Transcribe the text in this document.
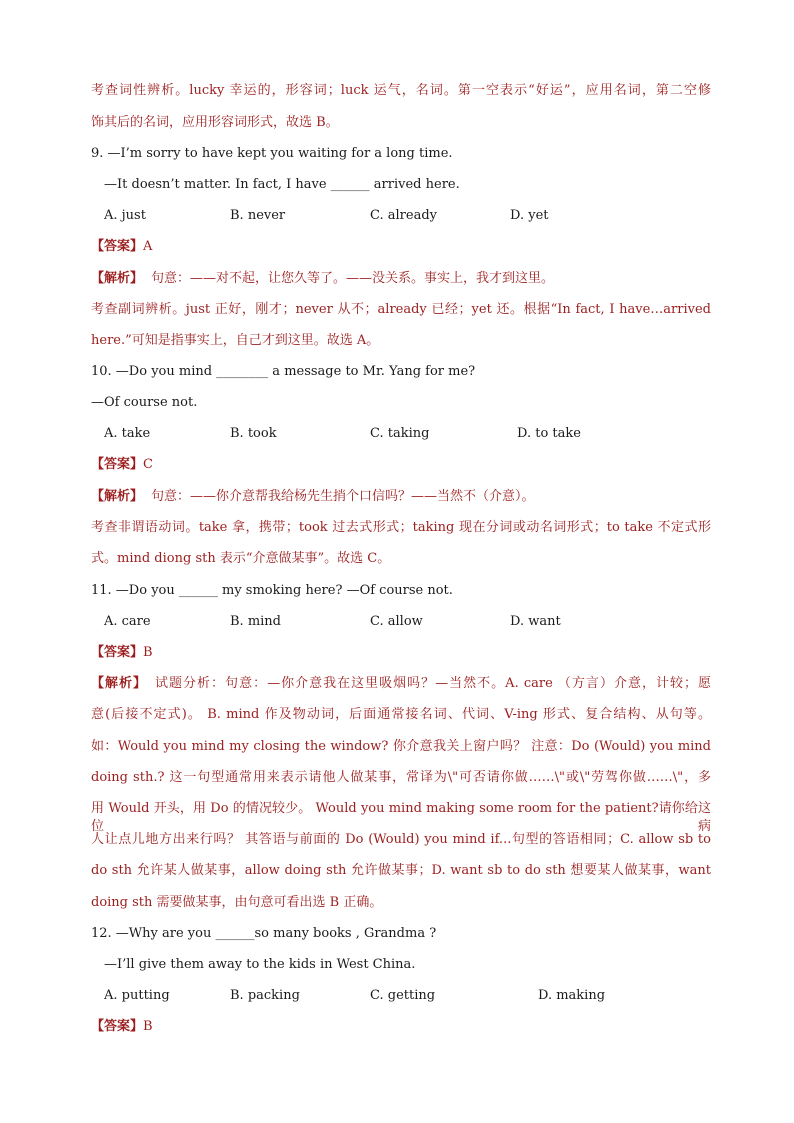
考查词性辨析。lucky 幸运的，形容词；luck 运气，名词。第一空表示“好运”，应用名词，第二空修
饰其后的名词，应用形容词形式，故选 B。
9. —I’m sorry to have kept you waiting for a long time.
—It doesn’t matter. In fact, I have ______ arrived here.
A. just	B. never	C. already	D. yet
【答案】A
【解析】 句意：——对不起，让您久等了。——没关系。事实上，我才到这里。
考查副词辨析。just 正好，刚才；never 从不；already 已经；yet 还。根据“In fact, I have…arrived
here.”可知是指事实上，自己才到这里。故选 A。
10. —Do you mind ________ a message to Mr. Yang for me?
—Of course not.
A. take	B. took	C. taking	D. to take
【答案】C
【解析】 句意：——你介意帮我给杨先生捎个口信吗？——当然不（介意）。
考查非谓语动词。take 拿，携带；took 过去式形式；taking 现在分词或动名词形式；to take 不定式形
式。mind diong sth 表示“介意做某事”。故选 C。
11. —Do you ______ my smoking here? —Of course not.
A. care	B. mind	C. allow	D. want
【答案】B
【解析】 试题分析：句意：—你介意我在这里吸烟吗？—当然不。A. care （方言）介意，计较；愿
意(后接不定式)。 B. mind 作及物动词，后面通常接名词、代词、V-ing 形式、复合结构、从句等。
如：Would you mind my closing the window? 你介意我关上窗户吗？ 注意：Do (Would) you mind
doing sth.? 这一句型通常用来表示请他人做某事，常译为\"可否请你做……\"或\"劳驾你做……\"，多
用 Would 开头，用 Do 的情况较少。 Would you mind making some room for the patient?请你给这位病
人让点儿地方出来行吗？ 其答语与前面的 Do (Would) you mind if...句型的答语相同；C. allow sb to
do sth 允许某人做某事，allow doing sth 允许做某事；D. want sb to do sth 想要某人做某事，want
doing sth 需要做某事，由句意可看出选 B 正确。
12. —Why are you ______so many books , Grandma ?
—I’ll give them away to the kids in West China.
A. putting	B. packing	C. getting	D. making
【答案】B
